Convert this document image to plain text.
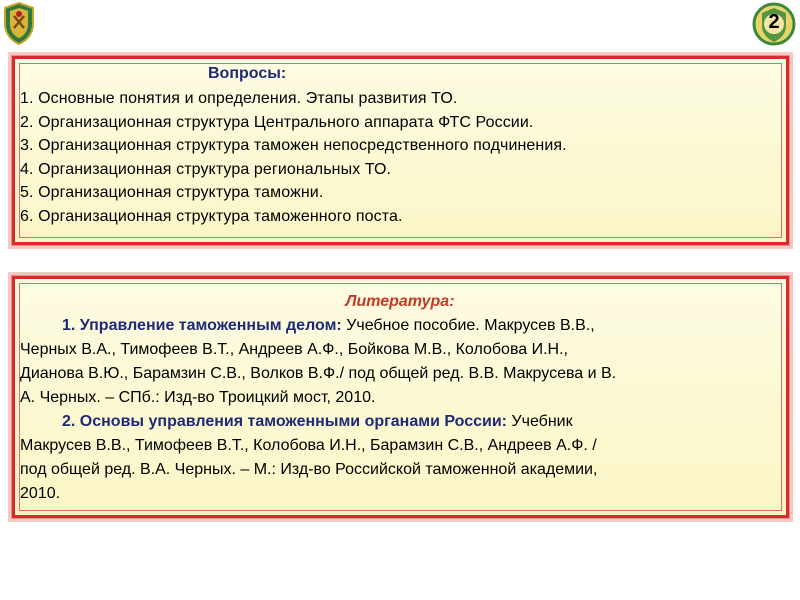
2
Вопросы:
1. Основные понятия и определения. Этапы развития ТО.
2. Организационная структура Центрального аппарата ФТС России.
3. Организационная структура таможен непосредственного подчинения.
4. Организационная структура региональных ТО.
5. Организационная структура таможни.
6. Организационная структура таможенного поста.
Литература:
1. Управление таможенным делом: Учебное пособие. Макрусев В.В.,
Черных В.А., Тимофеев В.Т., Андреев А.Ф., Бойкова М.В., Колобова И.Н.,
Дианова В.Ю., Барамзин С.В., Волков В.Ф./ под общей ред. В.В. Макрусева и В.
А. Черных. – СПб.: Изд-во Троицкий мост, 2010.
2. Основы управления таможенными органами России: Учебник
Макрусев В.В., Тимофеев В.Т., Колобова И.Н., Барамзин С.В., Андреев А.Ф. /
под общей ред. В.А. Черных. – М.: Изд-во Российской таможенной академии,
2010.
